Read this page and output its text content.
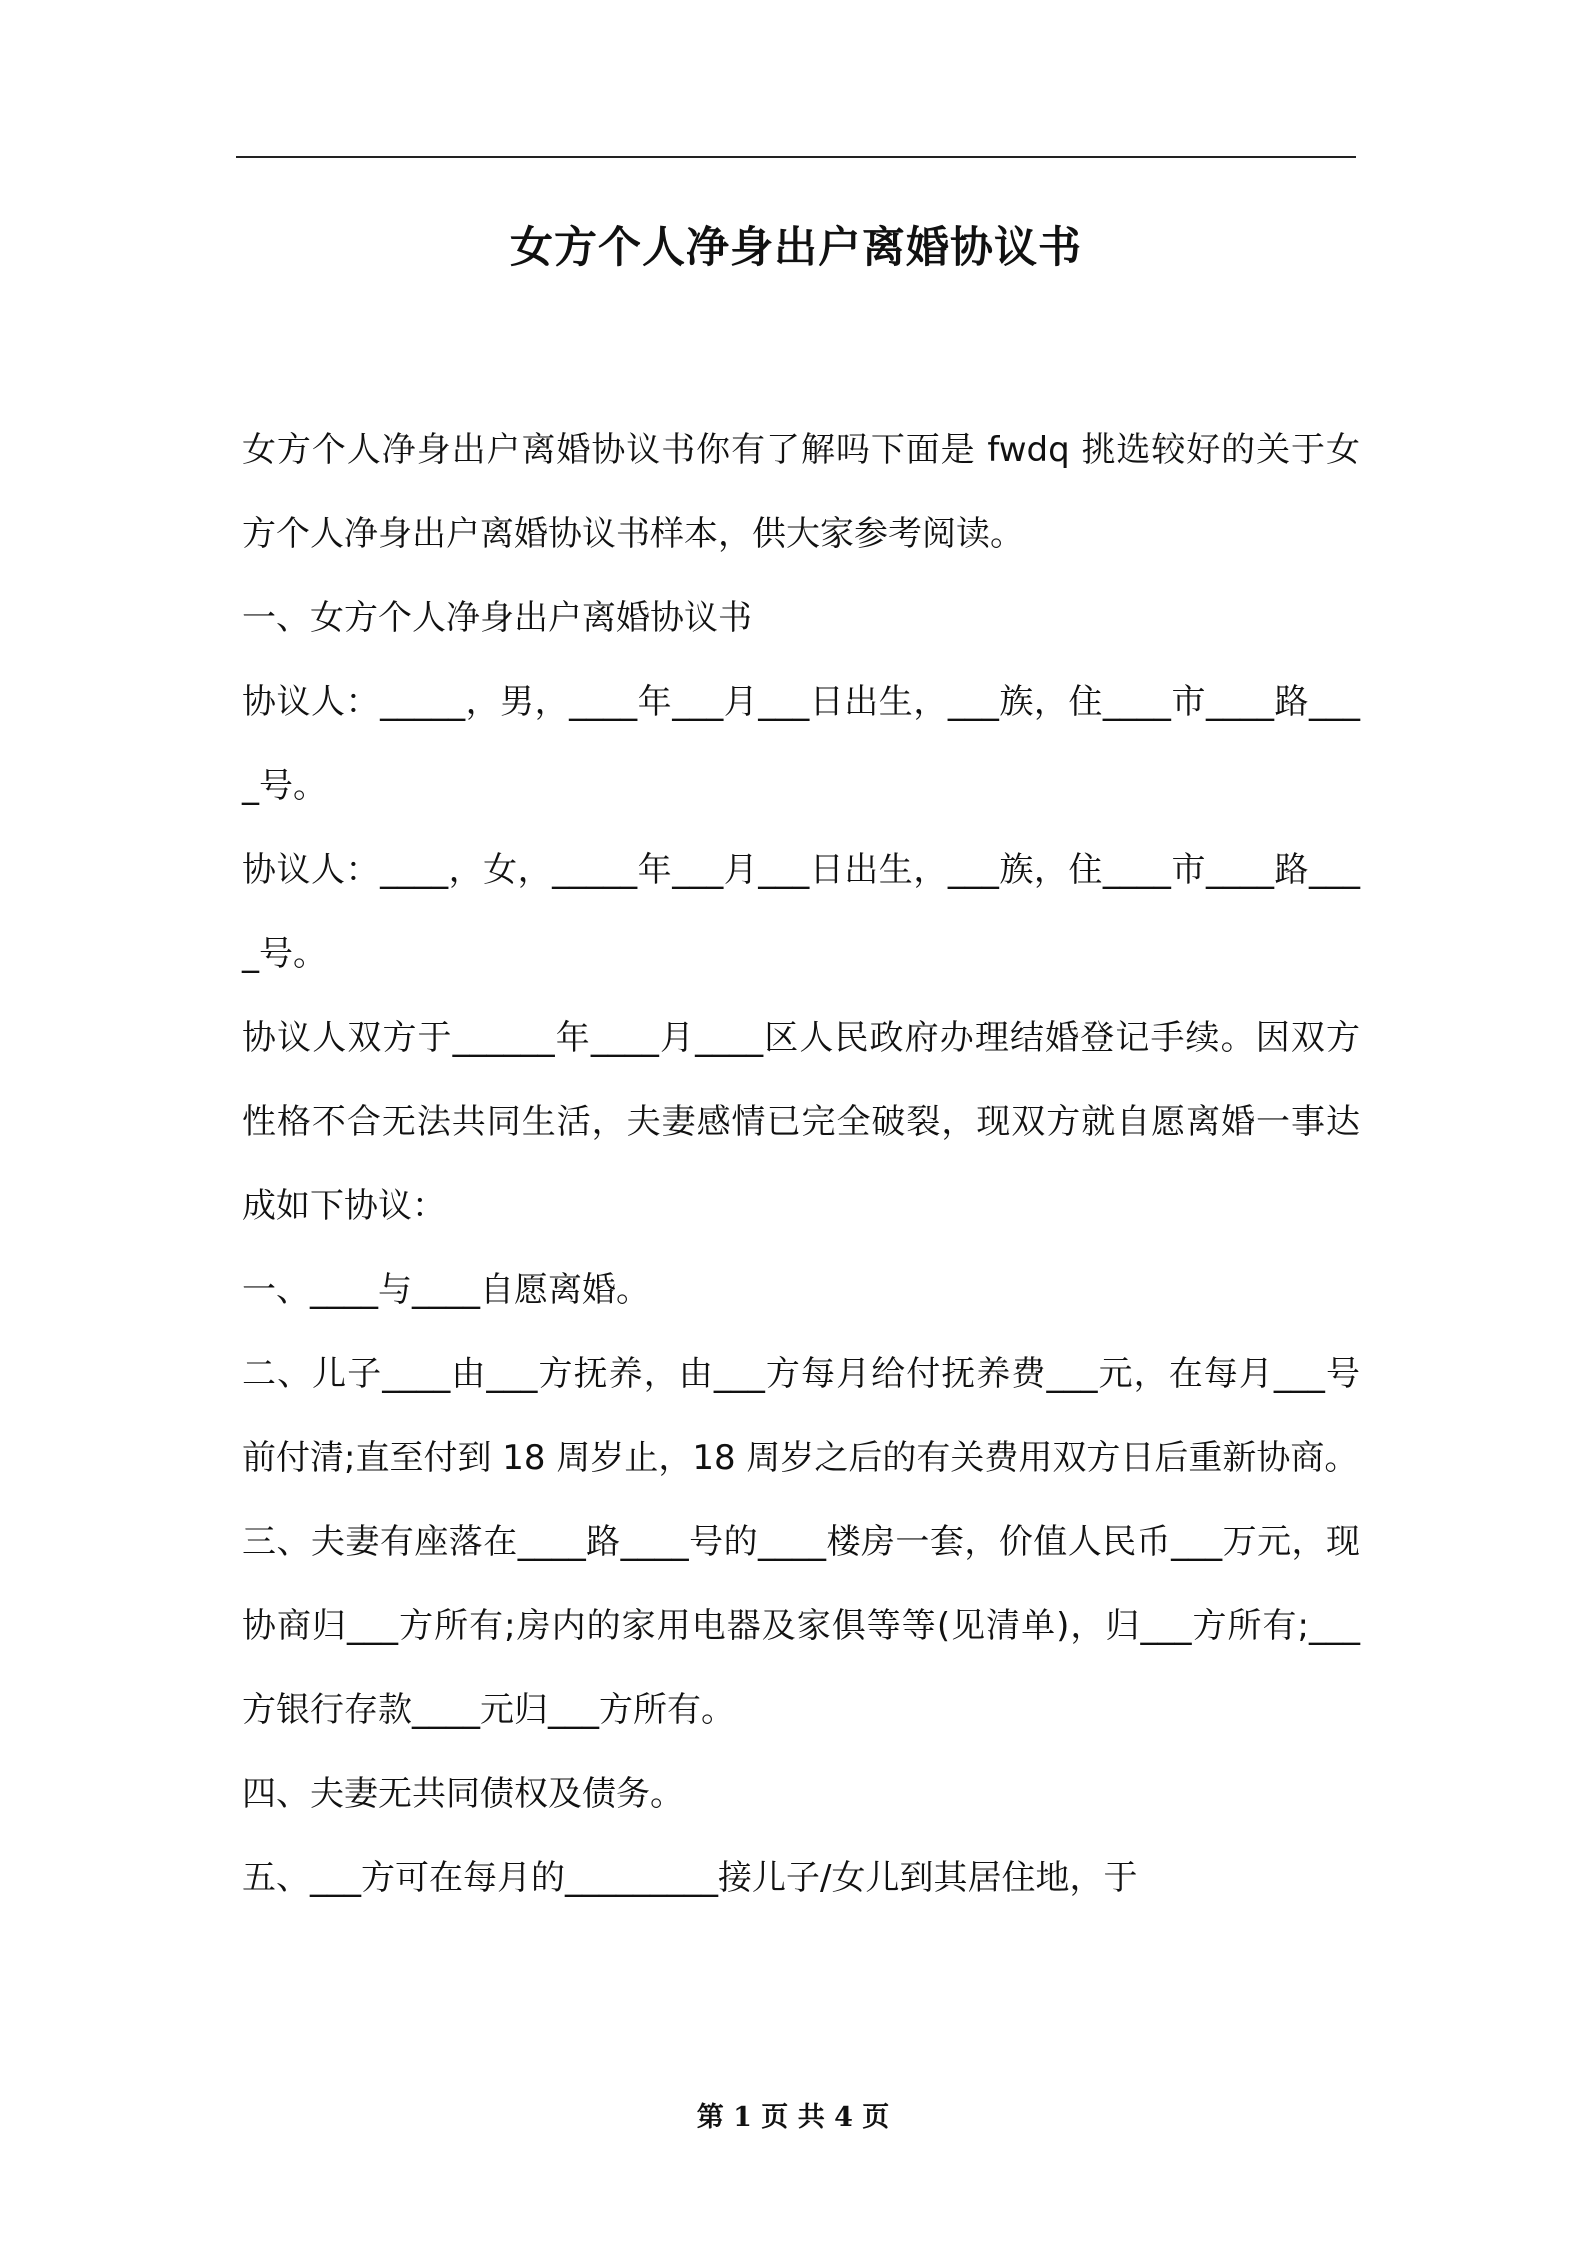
女方个人净身出户离婚协议书

女方个人净身出户离婚协议书你有了解吗下面是 fwdq 挑选较好的关于女方个人净身出户离婚协议书样本，供大家参考阅读。

一、女方个人净身出户离婚协议书

协议人：_____，男，____年___月___日出生，___族，住____市____路____号。

协议人：____，女，_____年___月___日出生，___族，住____市____路____号。

协议人双方于______年____月____区人民政府办理结婚登记手续。因双方性格不合无法共同生活，夫妻感情已完全破裂，现双方就自愿离婚一事达成如下协议：

一、____与____自愿离婚。

二、儿子____由___方抚养，由___方每月给付抚养费___元，在每月___号前付清;直至付到 18 周岁止，18 周岁之后的有关费用双方日后重新协商。

三、夫妻有座落在____路____号的____楼房一套，价值人民币___万元，现协商归___方所有;房内的家用电器及家俱等等(见清单)，归___方所有;___方银行存款____元归___方所有。

四、夫妻无共同债权及债务。

五、___方可在每月的_________接儿子/女儿到其居住地，于

第 1 页 共 4 页
